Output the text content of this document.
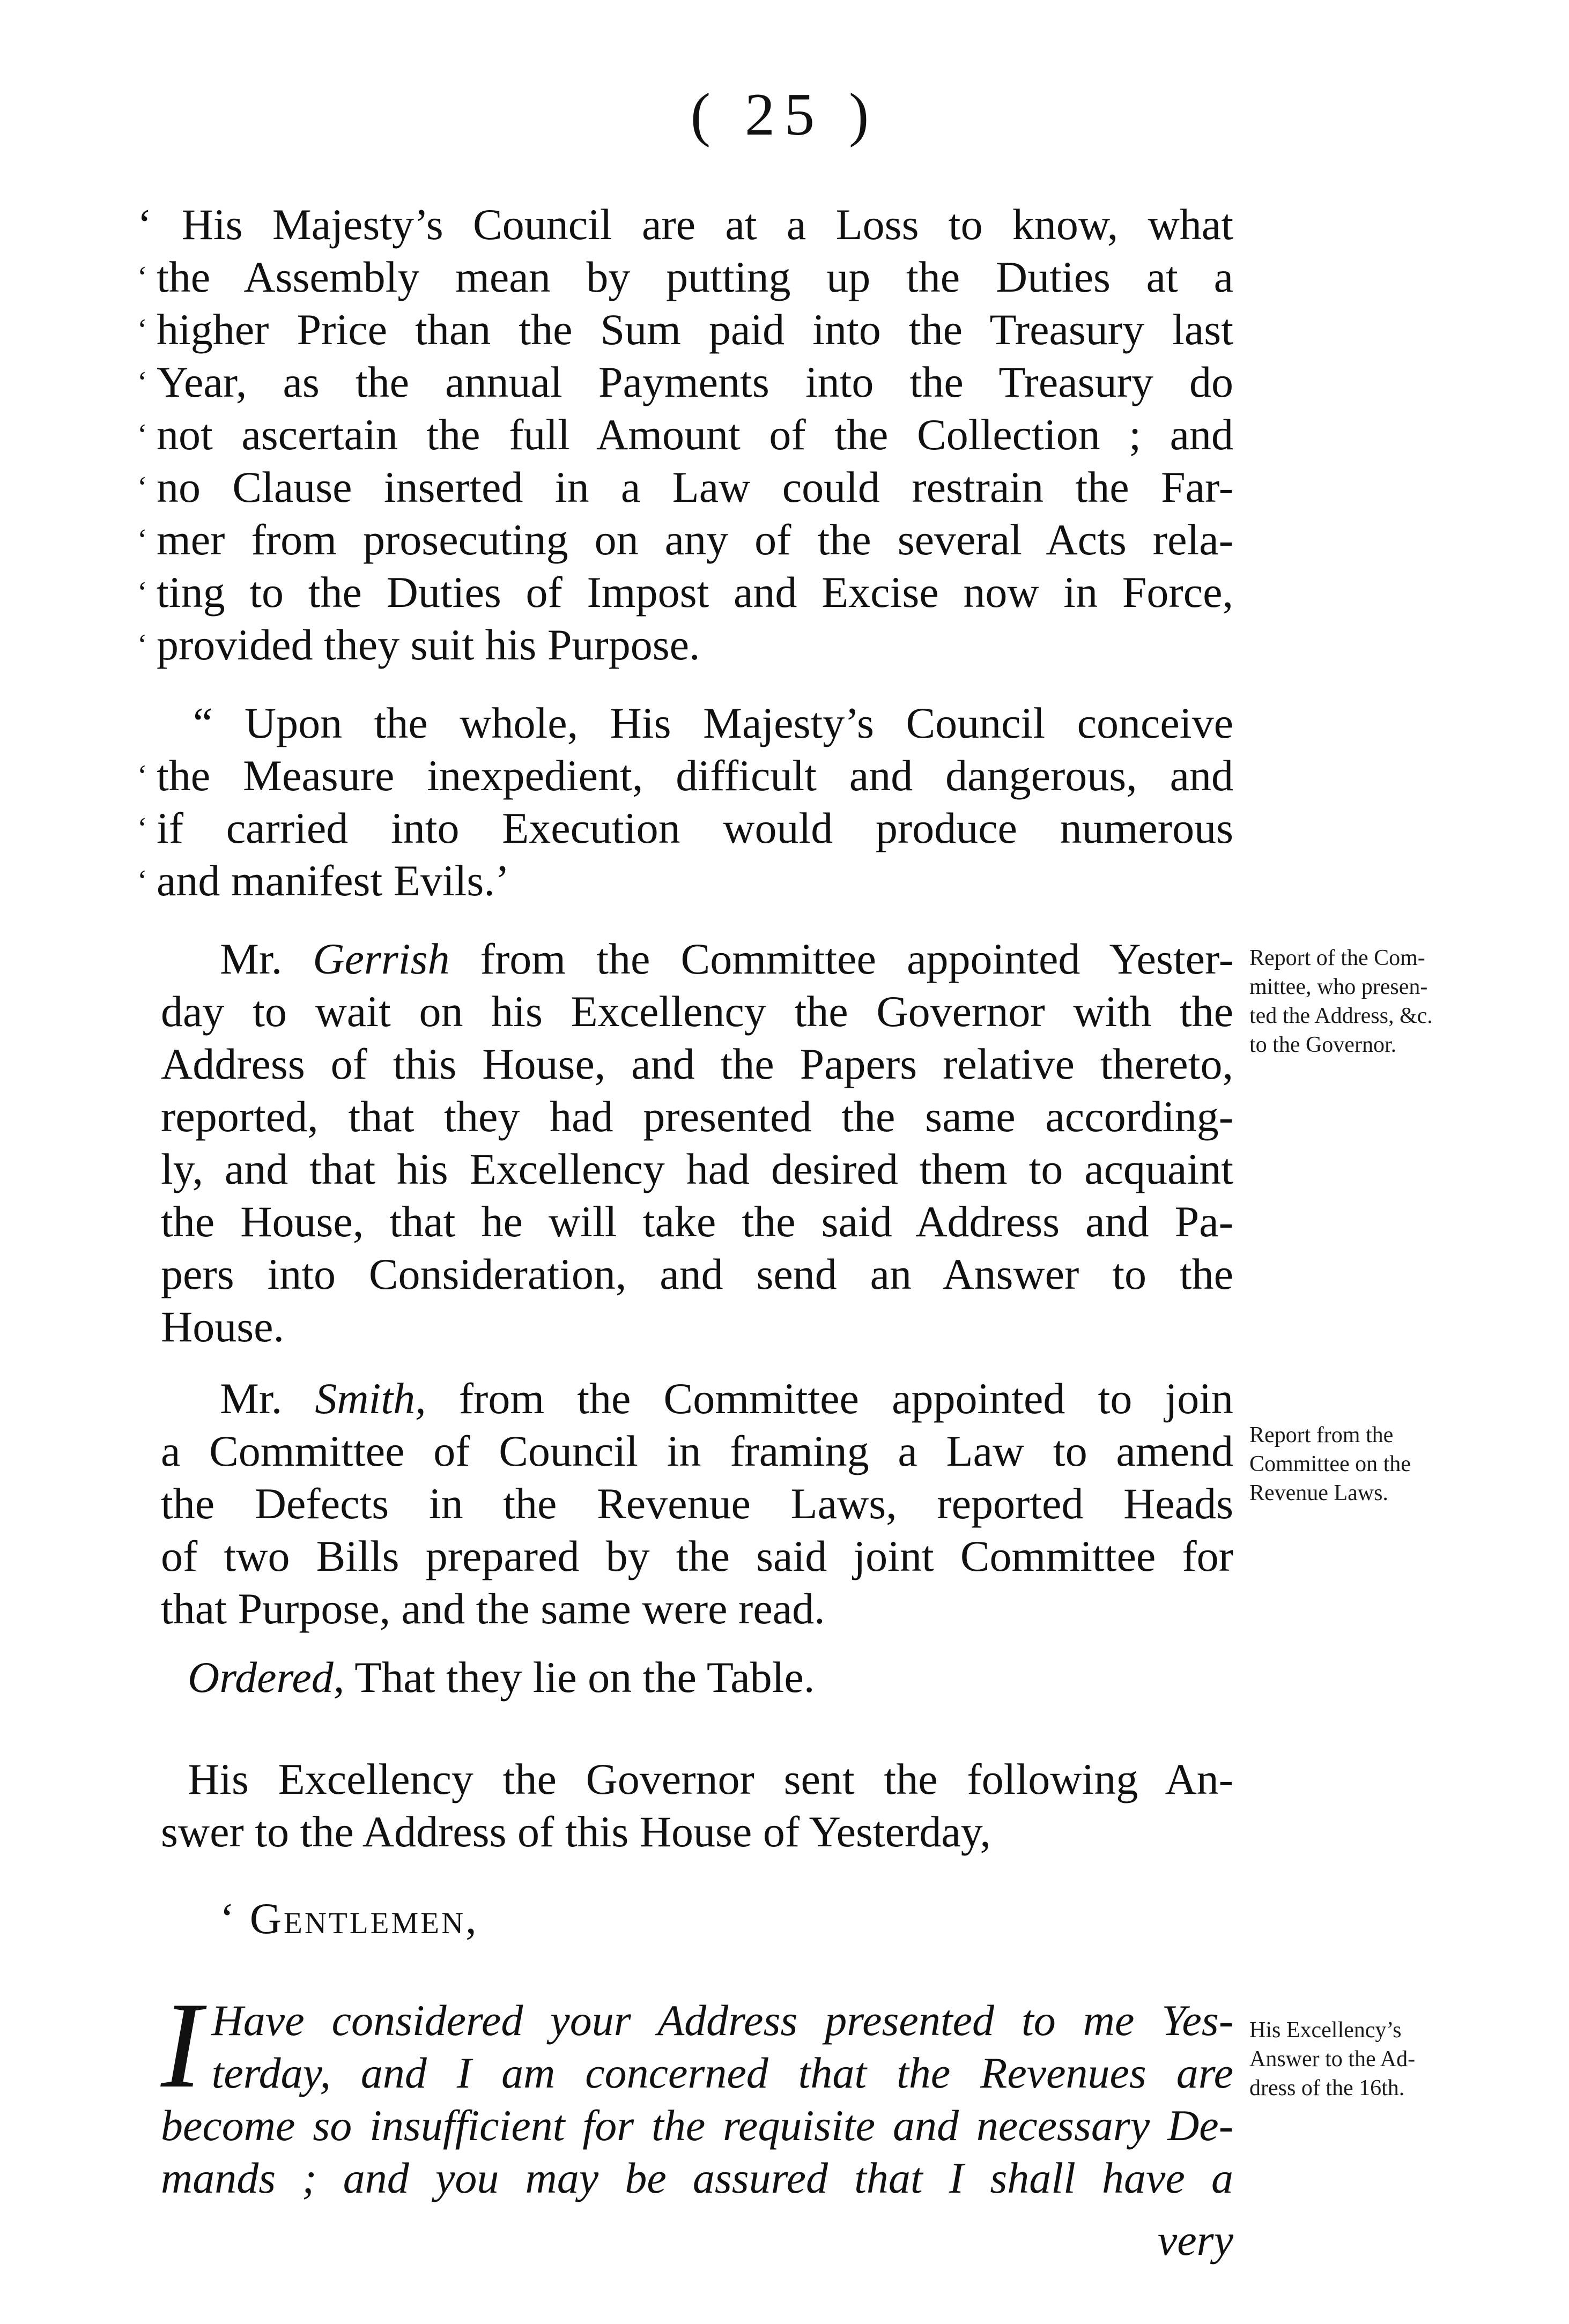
( 25 )
‘ His Majesty’s Council are at a Loss to know, what
‘ the Assembly mean by putting up the Duties at a
‘ higher Price than the Sum paid into the Treasury last
‘ Year, as the annual Payments into the Treasury do
‘ not ascertain the full Amount of the Collection ; and
‘ no Clause inserted in a Law could restrain the Far-
‘ mer from prosecuting on any of the several Acts rela-
‘ ting to the Duties of Impost and Excise now in Force,
‘ provided they suit his Purpose.
“ Upon the whole, His Majesty’s Council conceive
‘ the Measure inexpedient, difficult and dangerous, and
‘ if carried into Execution would produce numerous
‘ and manifest Evils.’
Mr. Gerrish from the Committee appointed Yester-
day to wait on his Excellency the Governor with the
Address of this House, and the Papers relative thereto,
reported, that they had presented the same according-
ly, and that his Excellency had desired them to acquaint
the House, that he will take the said Address and Pa-
pers into Consideration, and send an Answer to the
House.
Report of the Com-
mittee, who presen-
ted the Address, &c.
to the Governor.
Mr. Smith, from the Committee appointed to join
a Committee of Council in framing a Law to amend
the Defects in the Revenue Laws, reported Heads
of two Bills prepared by the said joint Committee for
that Purpose, and the same were read.
Report from the
Committee on the
Revenue Laws.
Ordered, That they lie on the Table.
His Excellency the Governor sent the following An-
swer to the Address of this House of Yesterday,
‘ Gentlemen,
I Have considered your Address presented to me Yes-
terday, and I am concerned that the Revenues are
become so insufficient for the requisite and necessary De-
mands ; and you may be assured that I shall have a
very
His Excellency’s
Answer to the Ad-
dress of the 16th.
